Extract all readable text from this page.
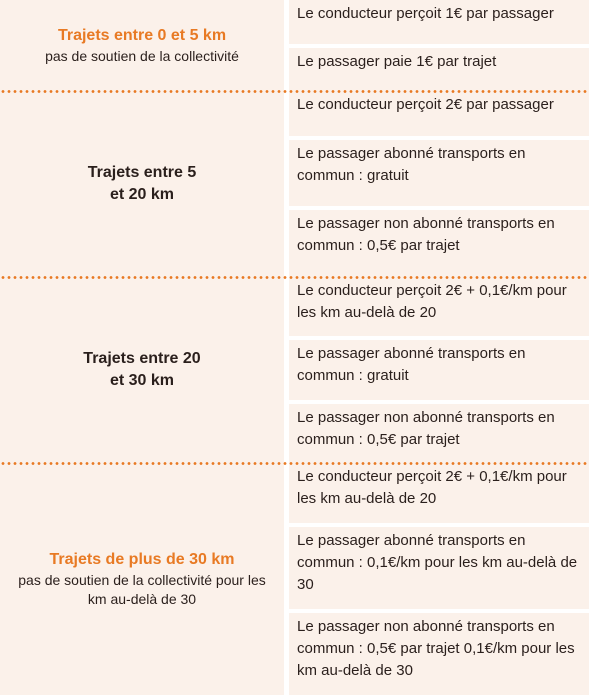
Trajets entre 0 et 5 km
pas de soutien de la collectivité
Le conducteur perçoit 1€ par passager
Le passager paie 1€ par trajet
Trajets entre 5 et 20 km
Le conducteur perçoit 2€ par passager
Le passager abonné transports en commun : gratuit
Le passager non abonné transports en commun : 0,5€ par trajet
Trajets entre 20 et 30 km
Le conducteur perçoit 2€ + 0,1€/km pour les km au-delà de 20
Le passager abonné transports en commun : gratuit
Le passager non abonné transports en commun : 0,5€ par trajet
Trajets de plus de 30 km
pas de soutien de la collectivité pour les km au-delà de 30
Le conducteur perçoit 2€ + 0,1€/km pour les km au-delà de 20
Le passager abonné transports en commun : 0,1€/km pour les km au-delà de 30
Le passager non abonné transports en commun : 0,5€ par trajet 0,1€/km pour les km au-delà de 30
